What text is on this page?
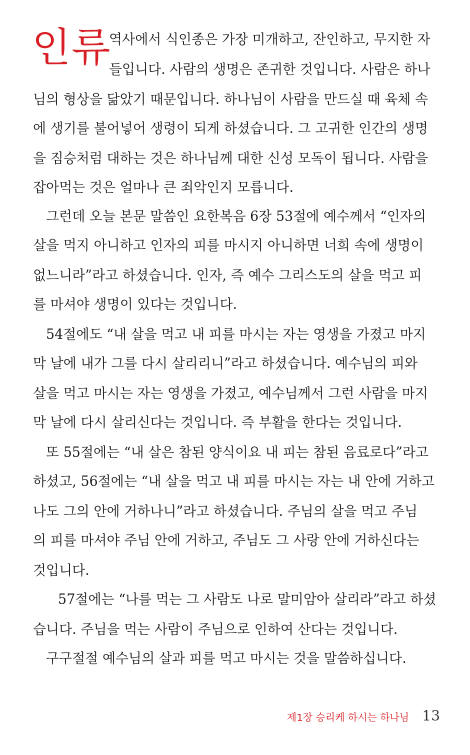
인류
역사에서 식인종은 가장 미개하고, 잔인하고, 무지한 자
들입니다. 사람의 생명은 존귀한 것입니다. 사람은 하나
님의 형상을 닮았기 때문입니다. 하나님이 사람을 만드실 때 육체 속
에 생기를 불어넣어 생령이 되게 하셨습니다. 그 고귀한 인간의 생명
을 짐승처럼 대하는 것은 하나님께 대한 신성 모독이 됩니다. 사람을
잡아먹는 것은 얼마나 큰 죄악인지 모릅니다.
그런데 오늘 본문 말씀인 요한복음 6장 53절에 예수께서 “인자의
살을 먹지 아니하고 인자의 피를 마시지 아니하면 너희 속에 생명이
없느니라”라고 하셨습니다. 인자, 즉 예수 그리스도의 살을 먹고 피
를 마셔야 생명이 있다는 것입니다.
54절에도 “내 살을 먹고 내 피를 마시는 자는 영생을 가졌고 마지
막 날에 내가 그를 다시 살리리니”라고 하셨습니다. 예수님의 피와
살을 먹고 마시는 자는 영생을 가졌고, 예수님께서 그런 사람을 마지
막 날에 다시 살리신다는 것입니다. 즉 부활을 한다는 것입니다.
또 55절에는 “내 살은 참된 양식이요 내 피는 참된 음료로다”라고
하셨고, 56절에는 “내 살을 먹고 내 피를 마시는 자는 내 안에 거하고
나도 그의 안에 거하나니”라고 하셨습니다. 주님의 살을 먹고 주님
의 피를 마셔야 주님 안에 거하고, 주님도 그 사랑 안에 거하신다는
것입니다.
57절에는 “나를 먹는 그 사람도 나로 말미암아 살리라”라고 하셨
습니다. 주님을 먹는 사람이 주님으로 인하여 산다는 것입니다.
구구절절 예수님의 살과 피를 먹고 마시는 것을 말씀하십니다.
제1장 승리케 하시는 하나님 13
